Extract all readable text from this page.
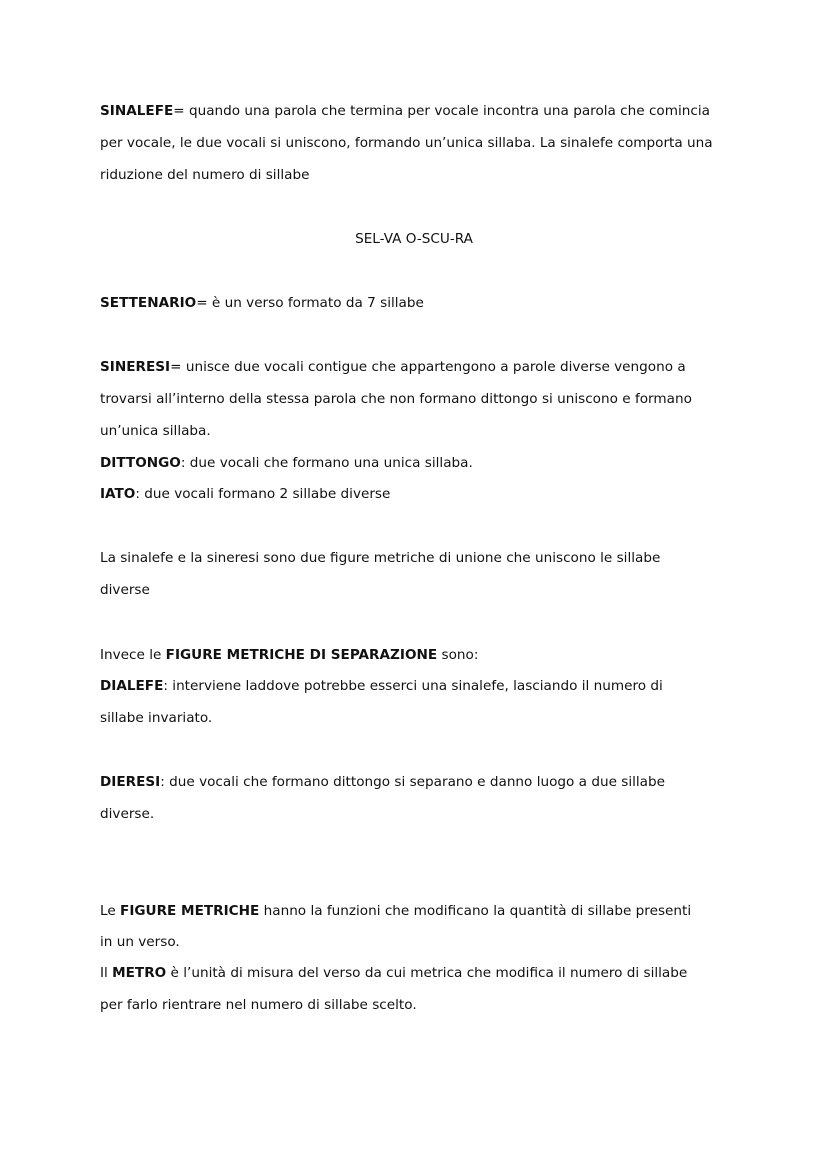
SINALEFE= quando una parola che termina per vocale incontra una parola che comincia
per vocale, le due vocali si uniscono, formando un’unica sillaba. La sinalefe comporta una
riduzione del numero di sillabe
SEL-VA O-SCU-RA
SETTENARIO= è un verso formato da 7 sillabe
SINERESI= unisce due vocali contigue che appartengono a parole diverse vengono a
trovarsi all’interno della stessa parola che non formano dittongo si uniscono e formano
un’unica sillaba.
DITTONGO: due vocali che formano una unica sillaba.
IATO: due vocali formano 2 sillabe diverse
La sinalefe e la sineresi sono due figure metriche di unione che uniscono le sillabe
diverse
Invece le FIGURE METRICHE DI SEPARAZIONE sono:
DIALEFE: interviene laddove potrebbe esserci una sinalefe, lasciando il numero di
sillabe invariato.
DIERESI: due vocali che formano dittongo si separano e danno luogo a due sillabe
diverse.
Le FIGURE METRICHE hanno la funzioni che modificano la quantità di sillabe presenti
in un verso.
Il METRO è l’unità di misura del verso da cui metrica che modifica il numero di sillabe
per farlo rientrare nel numero di sillabe scelto.
